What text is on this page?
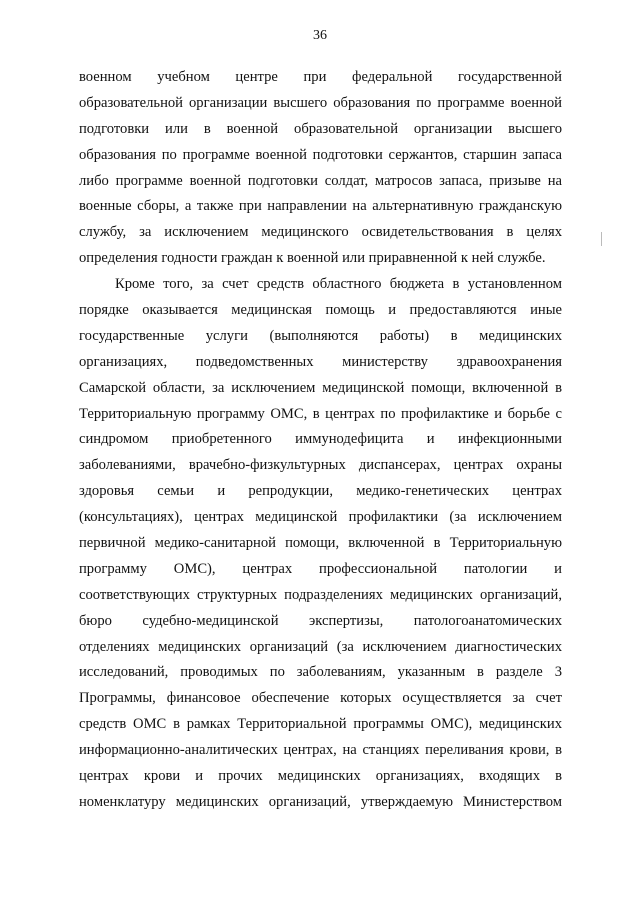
36
военном учебном центре при федеральной государственной
образовательной организации высшего образования по программе военной
подготовки или в военной образовательной организации высшего
образования по программе военной подготовки сержантов, старшин запаса
либо программе военной подготовки солдат, матросов запаса, призыве на
военные сборы, а также при направлении на альтернативную гражданскую
службу, за исключением медицинского освидетельствования в целях
определения годности граждан к военной или приравненной к ней службе.
Кроме того, за счет средств областного бюджета в установленном
порядке оказывается медицинская помощь и предоставляются иные
государственные услуги (выполняются работы) в медицинских
организациях, подведомственных министерству здравоохранения
Самарской области, за исключением медицинской помощи, включенной в
Территориальную программу ОМС, в центрах по профилактике и борьбе с
синдромом приобретенного иммунодефицита и инфекционными
заболеваниями, врачебно-физкультурных диспансерах, центрах охраны
здоровья семьи и репродукции, медико-генетических центрах
(консультациях), центрах медицинской профилактики (за исключением
первичной медико-санитарной помощи, включенной в Территориальную
программу ОМС), центрах профессиональной патологии и
соответствующих структурных подразделениях медицинских организаций,
бюро судебно-медицинской экспертизы, патологоанатомических
отделениях медицинских организаций (за исключением диагностических
исследований, проводимых по заболеваниям, указанным в разделе 3
Программы, финансовое обеспечение которых осуществляется за счет
средств ОМС в рамках Территориальной программы ОМС), медицинских
информационно-аналитических центрах, на станциях переливания крови, в
центрах крови и прочих медицинских организациях, входящих в
номенклатуру медицинских организаций, утверждаемую Министерством
